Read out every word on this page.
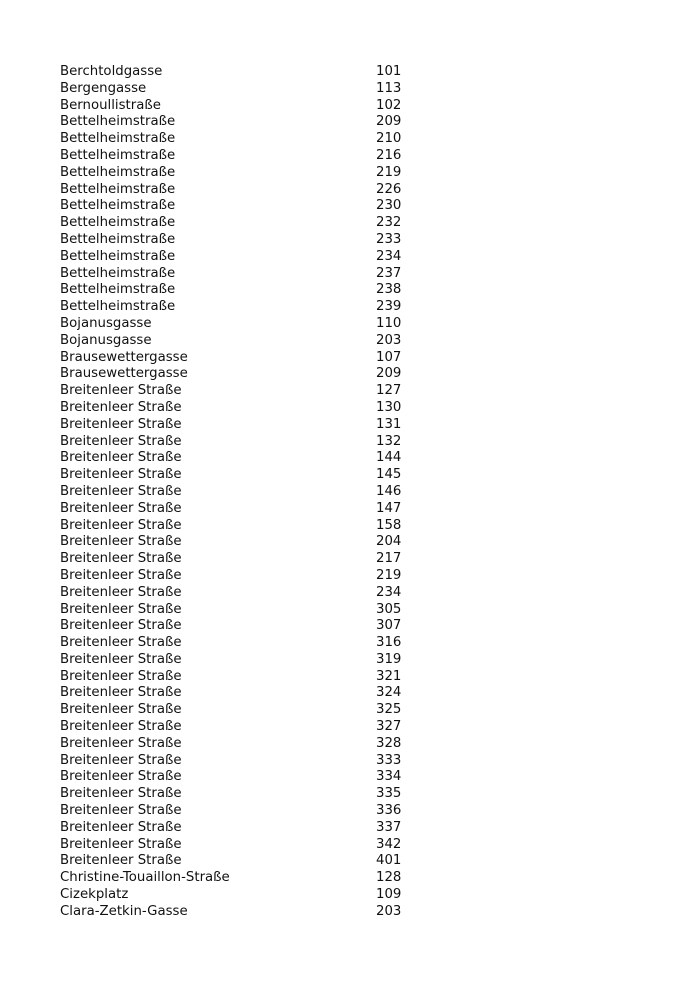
Berchtoldgasse	101
Bergengasse	113
Bernoullistraße	102
Bettelheimstraße	209
Bettelheimstraße	210
Bettelheimstraße	216
Bettelheimstraße	219
Bettelheimstraße	226
Bettelheimstraße	230
Bettelheimstraße	232
Bettelheimstraße	233
Bettelheimstraße	234
Bettelheimstraße	237
Bettelheimstraße	238
Bettelheimstraße	239
Bojanusgasse	110
Bojanusgasse	203
Brausewettergasse	107
Brausewettergasse	209
Breitenleer Straße	127
Breitenleer Straße	130
Breitenleer Straße	131
Breitenleer Straße	132
Breitenleer Straße	144
Breitenleer Straße	145
Breitenleer Straße	146
Breitenleer Straße	147
Breitenleer Straße	158
Breitenleer Straße	204
Breitenleer Straße	217
Breitenleer Straße	219
Breitenleer Straße	234
Breitenleer Straße	305
Breitenleer Straße	307
Breitenleer Straße	316
Breitenleer Straße	319
Breitenleer Straße	321
Breitenleer Straße	324
Breitenleer Straße	325
Breitenleer Straße	327
Breitenleer Straße	328
Breitenleer Straße	333
Breitenleer Straße	334
Breitenleer Straße	335
Breitenleer Straße	336
Breitenleer Straße	337
Breitenleer Straße	342
Breitenleer Straße	401
Christine-Touaillon-Straße	128
Cizekplatz	109
Clara-Zetkin-Gasse	203
